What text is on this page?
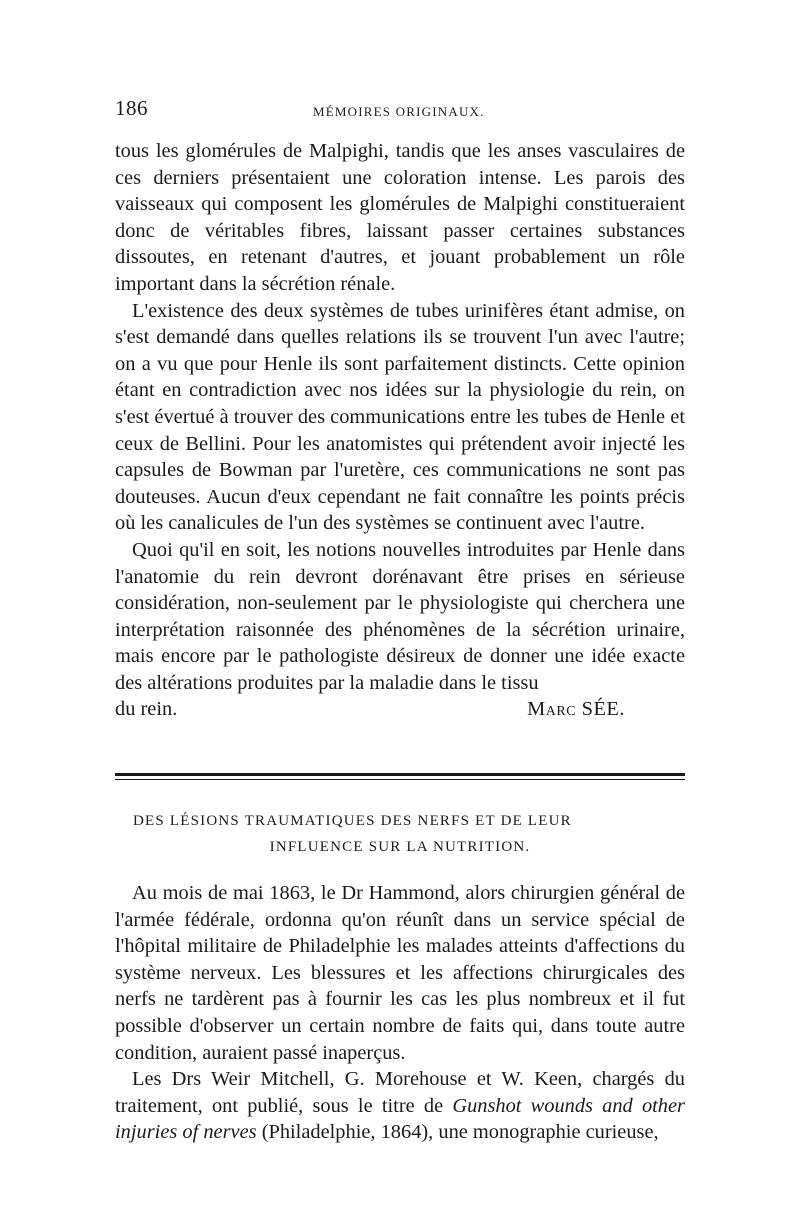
186	MÉMOIRES ORIGINAUX.

tous les glomérules de Malpighi, tandis que les anses vasculaires de ces derniers présentaient une coloration intense. Les parois des vaisseaux qui composent les glomérules de Malpighi constitueraient donc de véritables fibres, laissant passer certaines substances dissoutes, en retenant d'autres, et jouant probablement un rôle important dans la sécrétion rénale.

L'existence des deux systèmes de tubes urinifères étant admise, on s'est demandé dans quelles relations ils se trouvent l'un avec l'autre; on a vu que pour Henle ils sont parfaitement distincts. Cette opinion étant en contradiction avec nos idées sur la physiologie du rein, on s'est évertué à trouver des communications entre les tubes de Henle et ceux de Bellini. Pour les anatomistes qui prétendent avoir injecté les capsules de Bowman par l'uretère, ces communications ne sont pas douteuses. Aucun d'eux cependant ne fait connaître les points précis où les canalicules de l'un des systèmes se continuent avec l'autre.

Quoi qu'il en soit, les notions nouvelles introduites par Henle dans l'anatomie du rein devront dorénavant être prises en sérieuse considération, non-seulement par le physiologiste qui cherchera une interprétation raisonnée des phénomènes de la sécrétion urinaire, mais encore par le pathologiste désireux de donner une idée exacte des altérations produites par la maladie dans le tissu

du rein.	Marc SÉE.
DES LÉSIONS TRAUMATIQUES DES NERFS ET DE LEUR
INFLUENCE SUR LA NUTRITION.

Au mois de mai 1863, le Dr Hammond, alors chirurgien général de l'armée fédérale, ordonna qu'on réunît dans un service spécial de l'hôpital militaire de Philadelphie les malades atteints d'affections du système nerveux. Les blessures et les affections chirurgicales des nerfs ne tardèrent pas à fournir les cas les plus nombreux et il fut possible d'observer un certain nombre de faits qui, dans toute autre condition, auraient passé inaperçus.

Les Drs Weir Mitchell, G. Morehouse et W. Keen, chargés du traitement, ont publié, sous le titre de Gunshot wounds and other injuries of nerves (Philadelphie, 1864), une monographie curieuse,
